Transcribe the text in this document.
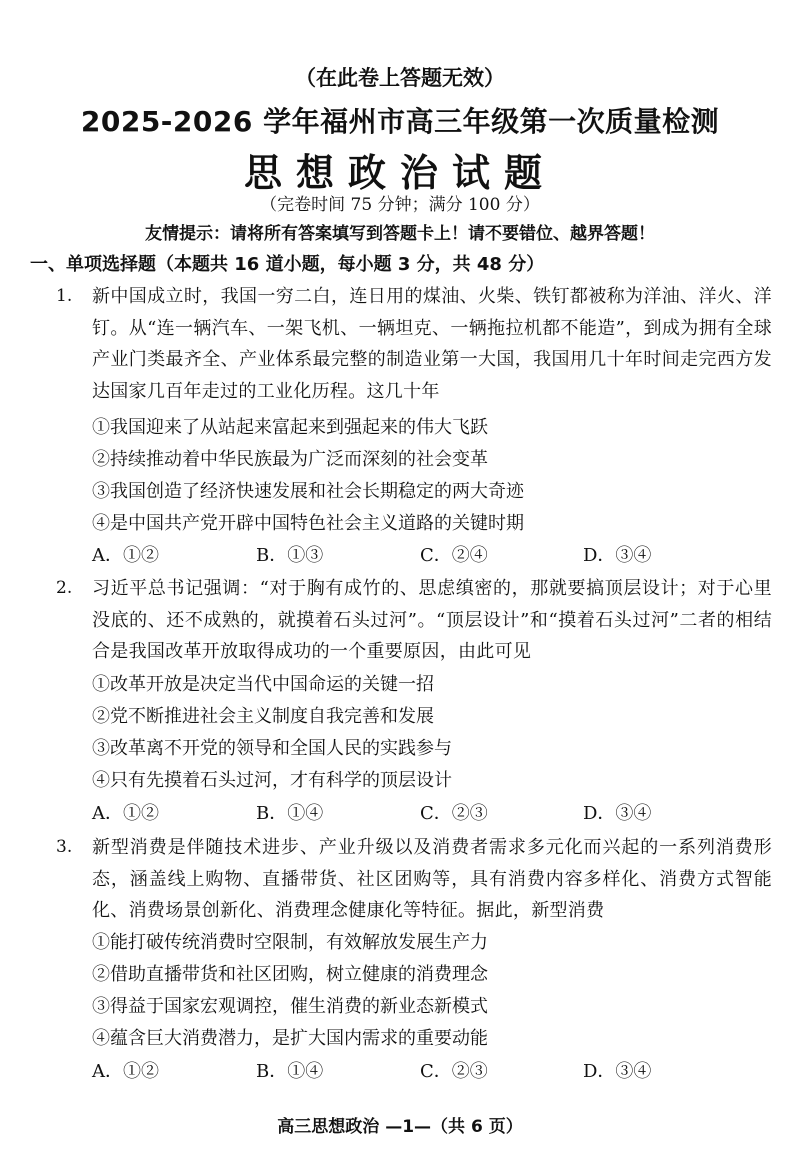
（在此卷上答题无效）
2025-2026 学年福州市高三年级第一次质量检测
思想政治试题
（完卷时间 75 分钟；满分 100 分）
友情提示：请将所有答案填写到答题卡上！请不要错位、越界答题！
一、单项选择题（本题共 16 道小题，每小题 3 分，共 48 分）
1. 新中国成立时，我国一穷二白，连日用的煤油、火柴、铁钉都被称为洋油、洋火、洋钉。从“连一辆汽车、一架飞机、一辆坦克、一辆拖拉机都不能造”，到成为拥有全球产业门类最齐全、产业体系最完整的制造业第一大国，我国用几十年时间走完西方发达国家几百年走过的工业化历程。这几十年
①我国迎来了从站起来富起来到强起来的伟大飞跃
②持续推动着中华民族最为广泛而深刻的社会变革
③我国创造了经济快速发展和社会长期稳定的两大奇迹
④是中国共产党开辟中国特色社会主义道路的关键时期
A．①②	B．①③	C．②④	D．③④
2. 习近平总书记强调：“对于胸有成竹的、思虑缜密的，那就要搞顶层设计；对于心里没底的、还不成熟的，就摸着石头过河”。“顶层设计”和“摸着石头过河”二者的相结合是我国改革开放取得成功的一个重要原因，由此可见
①改革开放是决定当代中国命运的关键一招
②党不断推进社会主义制度自我完善和发展
③改革离不开党的领导和全国人民的实践参与
④只有先摸着石头过河，才有科学的顶层设计
A．①②	B．①④	C．②③	D．③④
3. 新型消费是伴随技术进步、产业升级以及消费者需求多元化而兴起的一系列消费形态，涵盖线上购物、直播带货、社区团购等，具有消费内容多样化、消费方式智能化、消费场景创新化、消费理念健康化等特征。据此，新型消费
①能打破传统消费时空限制，有效解放发展生产力
②借助直播带货和社区团购，树立健康的消费理念
③得益于国家宏观调控，催生消费的新业态新模式
④蕴含巨大消费潜力，是扩大国内需求的重要动能
A．①②	B．①④	C．②③	D．③④
高三思想政治 —1—（共 6 页）
